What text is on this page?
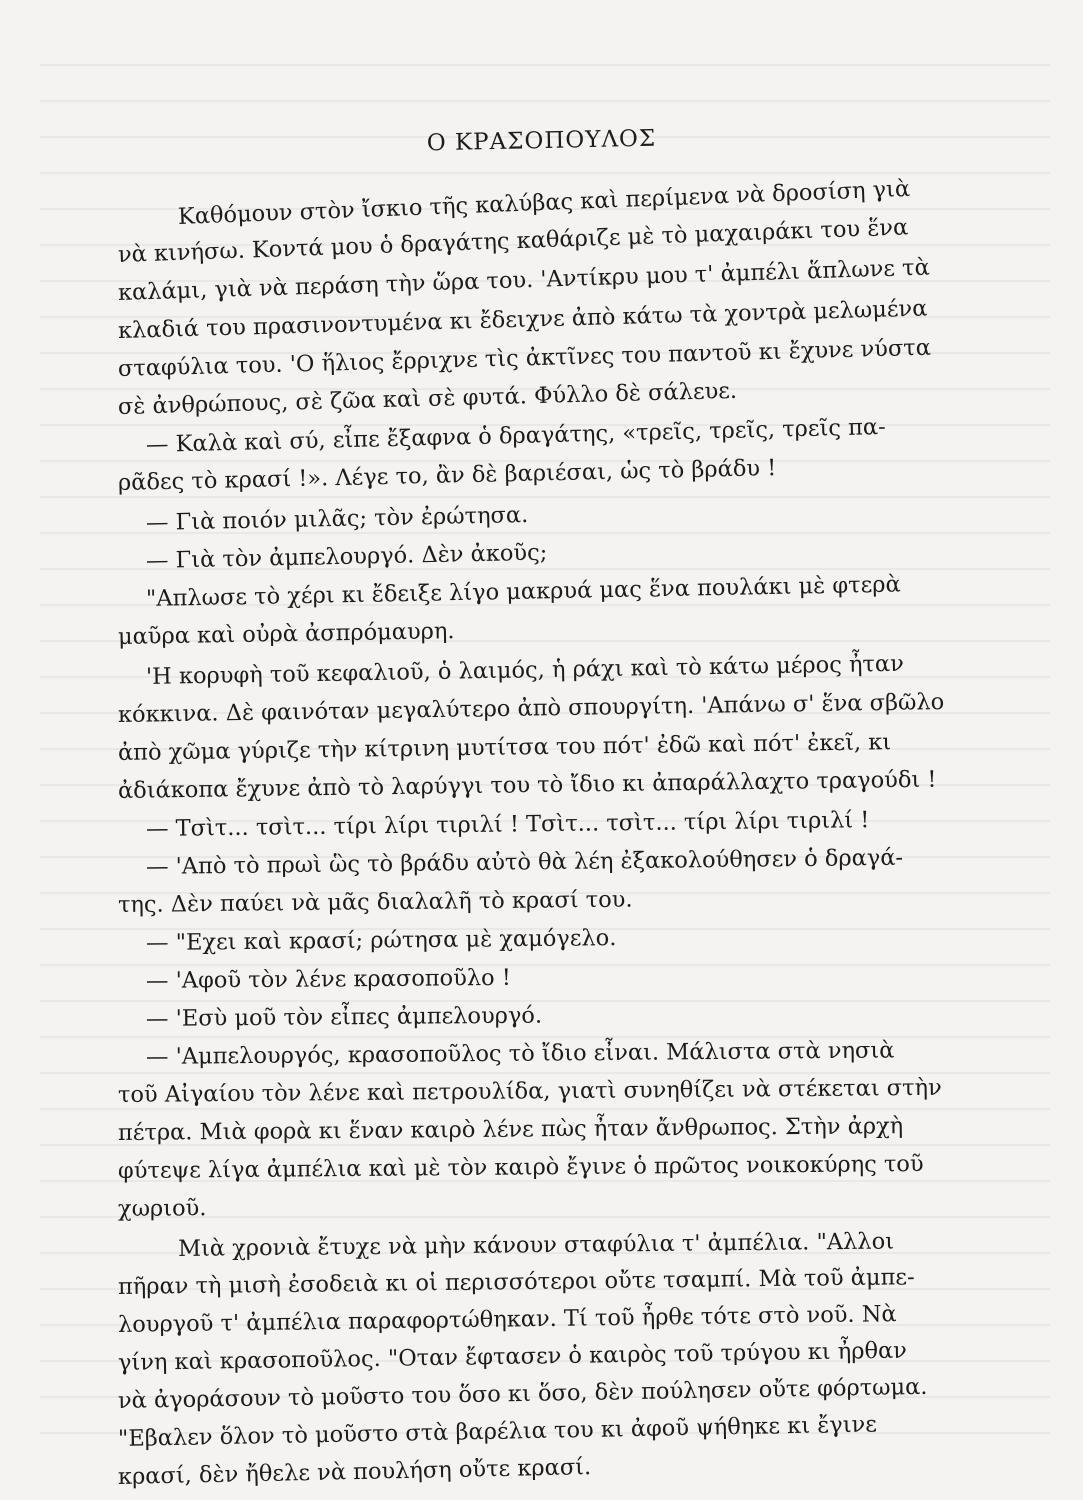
Ο ΚΡΑΣΟΠΟΥΛΟΣ
Καθόμουν στὸν ἴσκιο τῆς καλύβας καὶ περίμενα νὰ δροσίση γιὰ
νὰ κινήσω. Κοντά μου ὁ δραγάτης καθάριζε μὲ τὸ μαχαιράκι του ἕνα
καλάμι, γιὰ νὰ περάση τὴν ὥρα του. 'Αντίκρυ μου τ' ἀμπέλι ἅπλωνε τὰ
κλαδιά του πρασινοντυμένα κι ἔδειχνε ἀπὸ κάτω τὰ χοντρὰ μελωμένα
σταφύλια του. 'Ο ἥλιος ἔρριχνε τὶς ἀκτῖνες του παντοῦ κι ἔχυνε νύστα
σὲ ἀνθρώπους, σὲ ζῶα καὶ σὲ φυτά. Φύλλο δὲ σάλευε.
— Καλὰ καὶ σύ, εἶπε ἔξαφνα ὁ δραγάτης, «τρεῖς, τρεῖς, τρεῖς πα-
ρᾶδες τὸ κρασί !». Λέγε το, ἂν δὲ βαριέσαι, ὡς τὸ βράδυ !
— Γιὰ ποιόν μιλᾶς; τὸν ἐρώτησα.
— Γιὰ τὸν ἀμπελουργό. Δὲν ἀκοῦς;
"Απλωσε τὸ χέρι κι ἔδειξε λίγο μακρυά μας ἕνα πουλάκι μὲ φτερὰ
μαῦρα καὶ οὐρὰ ἀσπρόμαυρη.
'Η κορυφὴ τοῦ κεφαλιοῦ, ὁ λαιμός, ἡ ράχι καὶ τὸ κάτω μέρος ἦταν
κόκκινα. Δὲ φαινόταν μεγαλύτερο ἀπὸ σπουργίτη. 'Απάνω σ' ἕνα σβῶλο
ἀπὸ χῶμα γύριζε τὴν κίτρινη μυτίτσα του πότ' ἐδῶ καὶ πότ' ἐκεῖ, κι
ἀδιάκοπα ἔχυνε ἀπὸ τὸ λαρύγγι του τὸ ἴδιο κι ἀπαράλλαχτο τραγούδι !
— Τσὶτ... τσὶτ... τίρι λίρι τιριλί ! Τσὶτ... τσὶτ... τίρι λίρι τιριλί !
— 'Απὸ τὸ πρωὶ ὣς τὸ βράδυ αὐτὸ θὰ λέη ἐξακολούθησεν ὁ δραγά-
της. Δὲν παύει νὰ μᾶς διαλαλῆ τὸ κρασί του.
— "Εχει καὶ κρασί; ρώτησα μὲ χαμόγελο.
— 'Αφοῦ τὸν λένε κρασοποῦλο !
— 'Εσὺ μοῦ τὸν εἶπες ἀμπελουργό.
— 'Αμπελουργός, κρασοποῦλος τὸ ἴδιο εἶναι. Μάλιστα στὰ νησιὰ
τοῦ Αἰγαίου τὸν λένε καὶ πετρουλίδα, γιατὶ συνηθίζει νὰ στέκεται στὴν
πέτρα. Μιὰ φορὰ κι ἕναν καιρὸ λένε πὼς ἦταν ἄνθρωπος. Στὴν ἀρχὴ
φύτεψε λίγα ἀμπέλια καὶ μὲ τὸν καιρὸ ἔγινε ὁ πρῶτος νοικοκύρης τοῦ
χωριοῦ.
Μιὰ χρονιὰ ἔτυχε νὰ μὴν κάνουν σταφύλια τ' ἀμπέλια. "Αλλοι
πῆραν τὴ μισὴ ἐσοδειὰ κι οἱ περισσότεροι οὔτε τσαμπί. Μὰ τοῦ ἀμπε-
λουργοῦ τ' ἀμπέλια παραφορτώθηκαν. Τί τοῦ ἦρθε τότε στὸ νοῦ. Νὰ
γίνη καὶ κρασοποῦλος. "Οταν ἔφτασεν ὁ καιρὸς τοῦ τρύγου κι ἦρθαν
νὰ ἀγοράσουν τὸ μοῦστο του ὅσο κι ὅσο, δὲν πούλησεν οὔτε φόρτωμα.
"Εβαλεν ὅλον τὸ μοῦστο στὰ βαρέλια του κι ἀφοῦ ψήθηκε κι ἔγινε
κρασί, δὲν ἤθελε νὰ πουλήση οὔτε κρασί.
